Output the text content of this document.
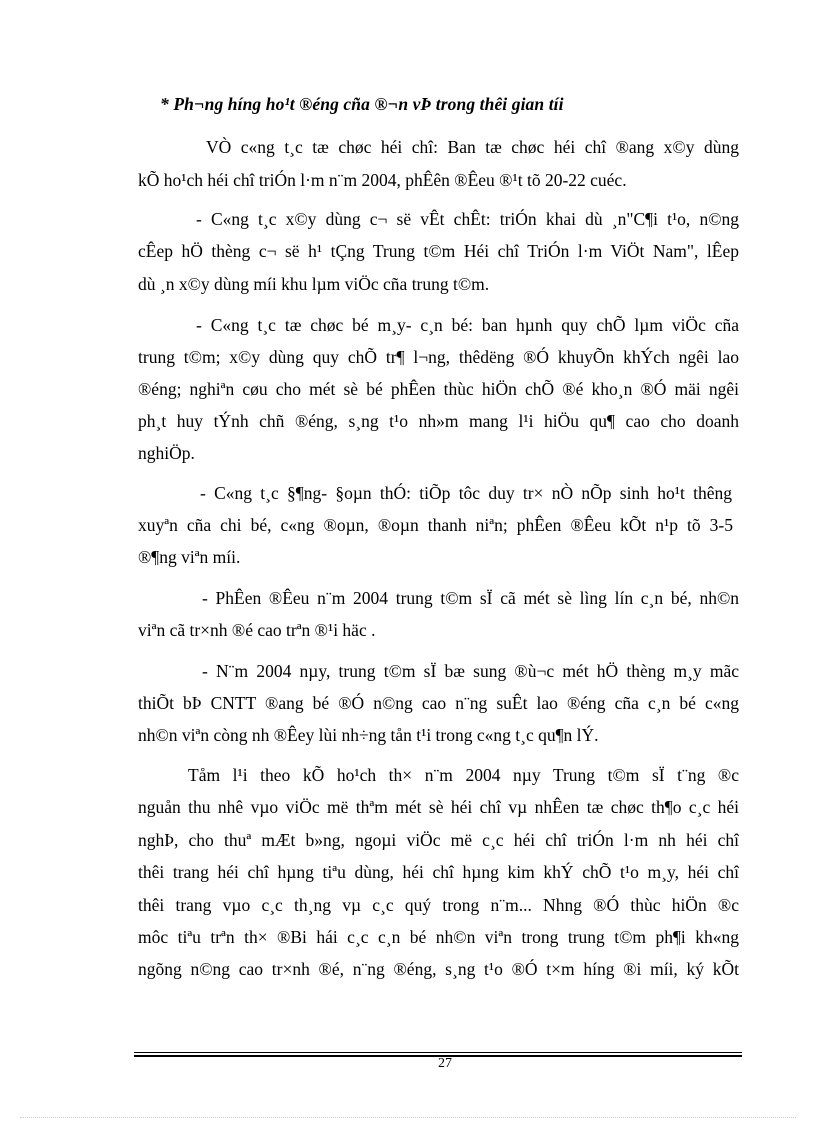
* Ph¬ng híng ho¹t ®éng cña ®¬n vÞ trong thêi gian tíi
VÒ c«ng t¸c tæ chøc héi chî: Ban tæ chøc héi chî ®ang x©y dùng
kÕ ho¹ch héi chî triÓn l·m n¨m 2004, phÊên ®Êeu ®¹t tõ 20-22 cuéc.
- C«ng t¸c x©y dùng c¬ së vÊt chÊt: triÓn khai dù ¸n"C¶i t¹o, n©ng
cÊep hÖ thèng c¬ së h¹ tÇng Trung t©m Héi chî TriÓn l·m ViÖt Nam", lÊep
dù ¸n x©y dùng míi khu lµm viÖc cña trung t©m.
- C«ng t¸c tæ chøc bé m¸y- c¸n bé: ban hµnh quy chÕ lµm viÖc cña
trung t©m; x©y dùng quy chÕ tr¶ l¬ng, thêdëng ®Ó khuyÕn khÝch ngêi lao
®éng; nghiªn cøu cho mét sè bé phÊen thùc hiÖn chÕ ®é kho¸n ®Ó mäi ngêi
ph¸t huy tÝnh chñ ®éng, s¸ng t¹o nh»m mang l¹i hiÖu qu¶ cao cho doanh
nghiÖp.
- C«ng t¸c §¶ng- §oµn thÓ: tiÕp tôc duy tr× nÒ nÕp sinh ho¹t thêng
xuyªn cña chi bé, c«ng ®oµn, ®oµn thanh niªn; phÊen ®Êeu kÕt n¹p tõ 3-5
®¶ng viªn míi.
- PhÊen ®Êeu n¨m 2004 trung t©m sÏ cã mét sè lìng lín c¸n bé, nh©n
viªn cã tr×nh ®é cao trªn ®¹i häc .
- N¨m 2004 nµy, trung t©m sÏ bæ sung ®ù¬c mét hÖ thèng m¸y mãc
thiÕt bÞ CNTT ®ang bé ®Ó n©ng cao n¨ng suÊt lao ®éng cña c¸n bé c«ng
nh©n viªn còng nh ®Êey lùi nh÷ng tån t¹i trong c«ng t¸c qu¶n lÝ.
Tåm l¹i theo kÕ ho¹ch th× n¨m 2004 nµy Trung t©m sÏ t¨ng ®c
nguån thu nhê vµo viÖc më thªm mét sè héi chî vµ nhÊen tæ chøc th¶o c¸c héi
nghÞ, cho thuª mÆt b»ng, ngoµi viÖc më c¸c héi chî triÓn l·m nh héi chî
thêi trang héi chî hµng tiªu dùng, héi chî hµng kim khÝ chÕ t¹o m¸y, héi chî
thêi trang vµo c¸c th¸ng vµ c¸c quý trong n¨m... Nhng ®Ó thùc hiÖn ®c
môc tiªu trªn th× ®Bi hái c¸c c¸n bé nh©n viªn trong trung t©m ph¶i kh«ng
ngõng n©ng cao tr×nh ®é, n¨ng ®éng, s¸ng t¹o ®Ó t×m híng ®i míi, ký kÕt
27
